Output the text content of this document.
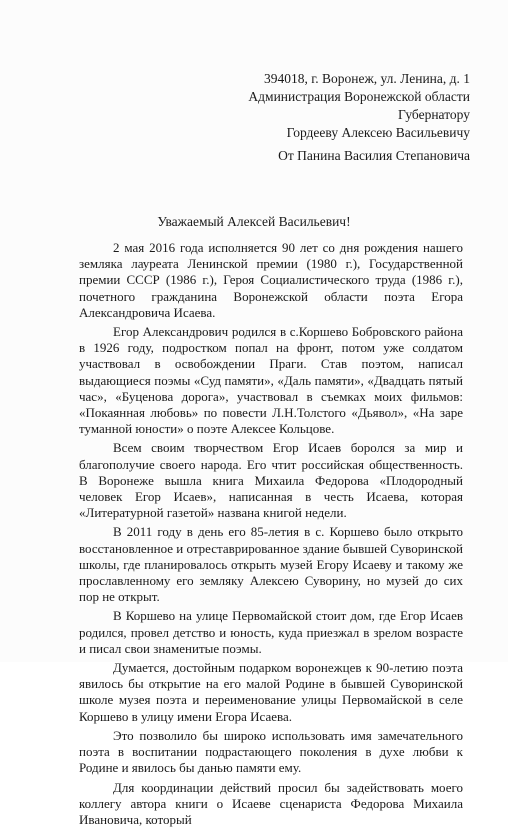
394018, г. Воронеж, ул. Ленина, д. 1
Администрация Воронежской области
Губернатору
Гордееву Алексею Васильевичу
От Панина Василия Степановича
Уважаемый Алексей Васильевич!

2 мая 2016 года исполняется 90 лет со дня рождения нашего земляка лауреата Ленинской премии (1980 г.), Государственной премии СССР (1986 г.), Героя Социалистического труда (1986 г.), почетного гражданина Воронежской области поэта Егора Александровича Исаева.

Егор Александрович родился в с.Коршево Бобровского района в 1926 году, подростком попал на фронт, потом уже солдатом участвовал в освобождении Праги. Став поэтом, написал выдающиеся поэмы «Суд памяти», «Даль памяти», «Двадцать пятый час», «Буценова дорога», участвовал в съемках моих фильмов: «Покаянная любовь» по повести Л.Н.Толстого «Дьявол», «На заре туманной юности» о поэте Алексее Кольцове.

Всем своим творчеством Егор Исаев боролся за мир и благополучие своего народа. Его чтит российская общественность. В Воронеже вышла книга Михаила Федорова «Плодородный человек Егор Исаев», написанная в честь Исаева, которая «Литературной газетой» названа книгой недели.

В 2011 году в день его 85-летия в с. Коршево было открыто восстановленное и отреставрированное здание бывшей Суворинской школы, где планировалось открыть музей Егору Исаеву и такому же прославленному его земляку Алексею Суворину, но музей до сих пор не открыт.

В Коршево на улице Первомайской стоит дом, где Егор Исаев родился, провел детство и юность, куда приезжал в зрелом возрасте и писал свои знаменитые поэмы.

Думается, достойным подарком воронежцев к 90-летию поэта явилось бы открытие на его малой Родине в бывшей Суворинской школе музея поэта и переименование улицы Первомайской в селе Коршево в улицу имени Егора Исаева.

Это позволило бы широко использовать имя замечательного поэта в воспитании подрастающего поколения в духе любви к Родине и явилось бы данью памяти ему.

Для координации действий просил бы задействовать моего коллегу автора книги о Исаеве сценариста Федорова Михаила Ивановича, который
